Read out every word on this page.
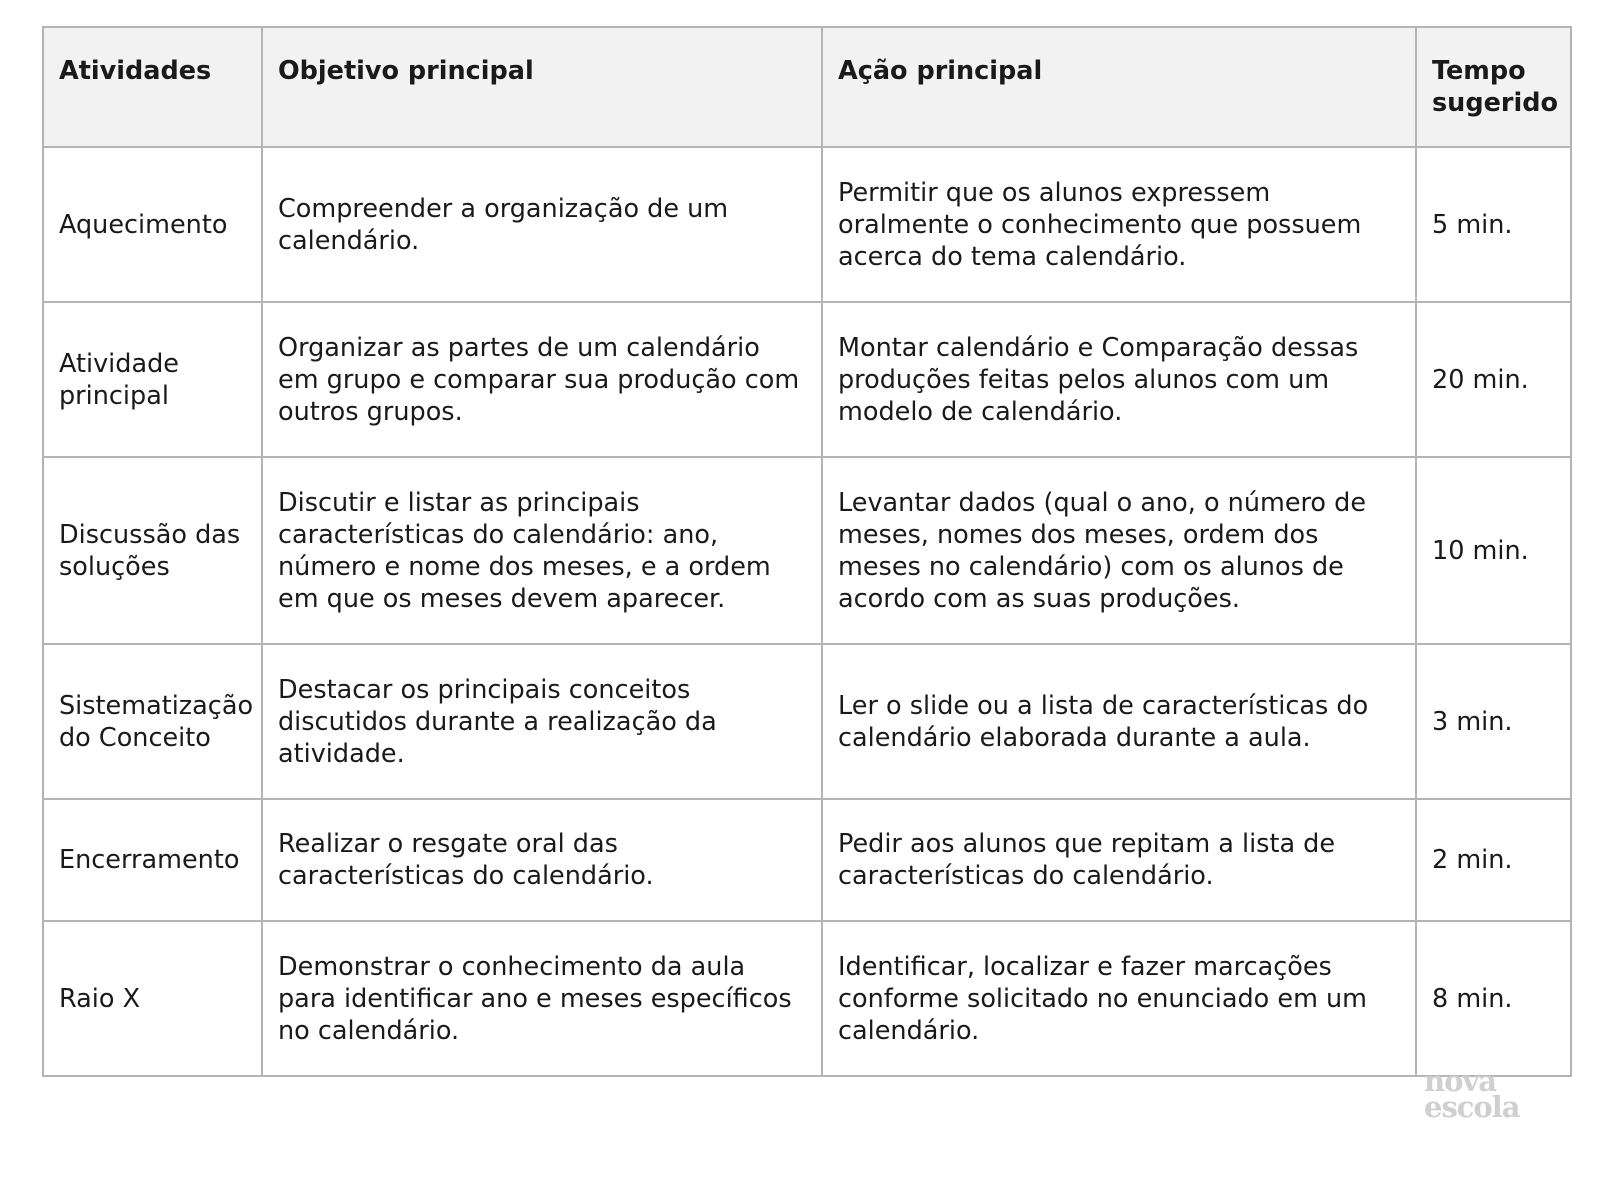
Atividades	Objetivo principal	Ação principal	Tempo sugerido
Aquecimento	Compreender a organização de um calendário.	Permitir que os alunos expressem oralmente o conhecimento que possuem acerca do tema calendário.	5 min.
Atividade principal	Organizar as partes de um calendário em grupo e comparar sua produção com outros grupos.	Montar calendário e Comparação dessas produções feitas pelos alunos com um modelo de calendário.	20 min.
Discussão das soluções	Discutir e listar as principais características do calendário: ano, número e nome dos meses, e a ordem em que os meses devem aparecer.	Levantar dados (qual o ano, o número de meses, nomes dos meses, ordem dos meses no calendário) com os alunos de acordo com as suas produções.	10 min.
Sistematização do Conceito	Destacar os principais conceitos discutidos durante a realização da atividade.	Ler o slide ou a lista de características do calendário elaborada durante a aula.	3 min.
Encerramento	Realizar o resgate oral das características do calendário.	Pedir aos alunos que repitam a lista de características do calendário.	2 min.
Raio X	Demonstrar o conhecimento da aula para identificar ano e meses específicos no calendário.	Identificar, localizar e fazer marcações conforme solicitado no enunciado em um calendário.	8 min.
nova
escola
